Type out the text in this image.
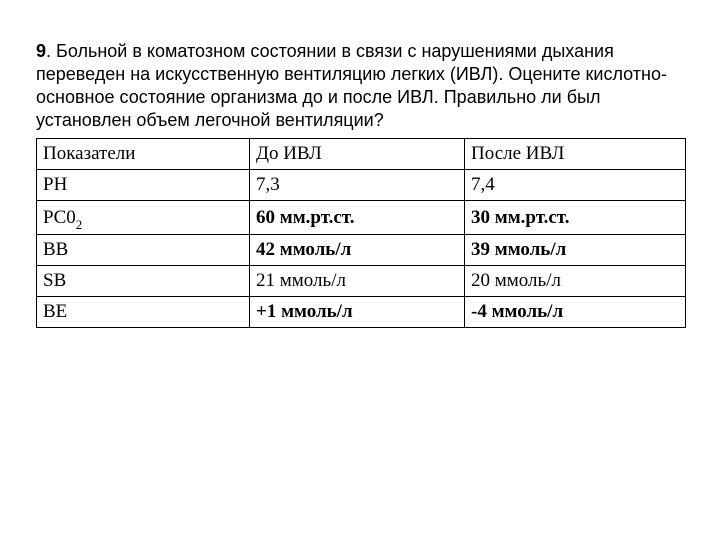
9. Больной в коматозном состоянии в связи с нарушениями дыхания переведен на искусственную вентиляцию легких (ИВЛ). Оцените кислотно-основное состояние организма до и после ИВЛ. Правильно ли был установлен объем легочной вентиляции?
Показатели	До ИВЛ	После ИВЛ
PH	7,3	7,4
$PC0_2$	60 мм.рт.ст.	30 мм.рт.ст.
BB	42 ммоль/л	39 ммоль/л
SB	21 ммоль/л	20 ммоль/л
BE	+1 ммоль/л	-4 ммоль/л
